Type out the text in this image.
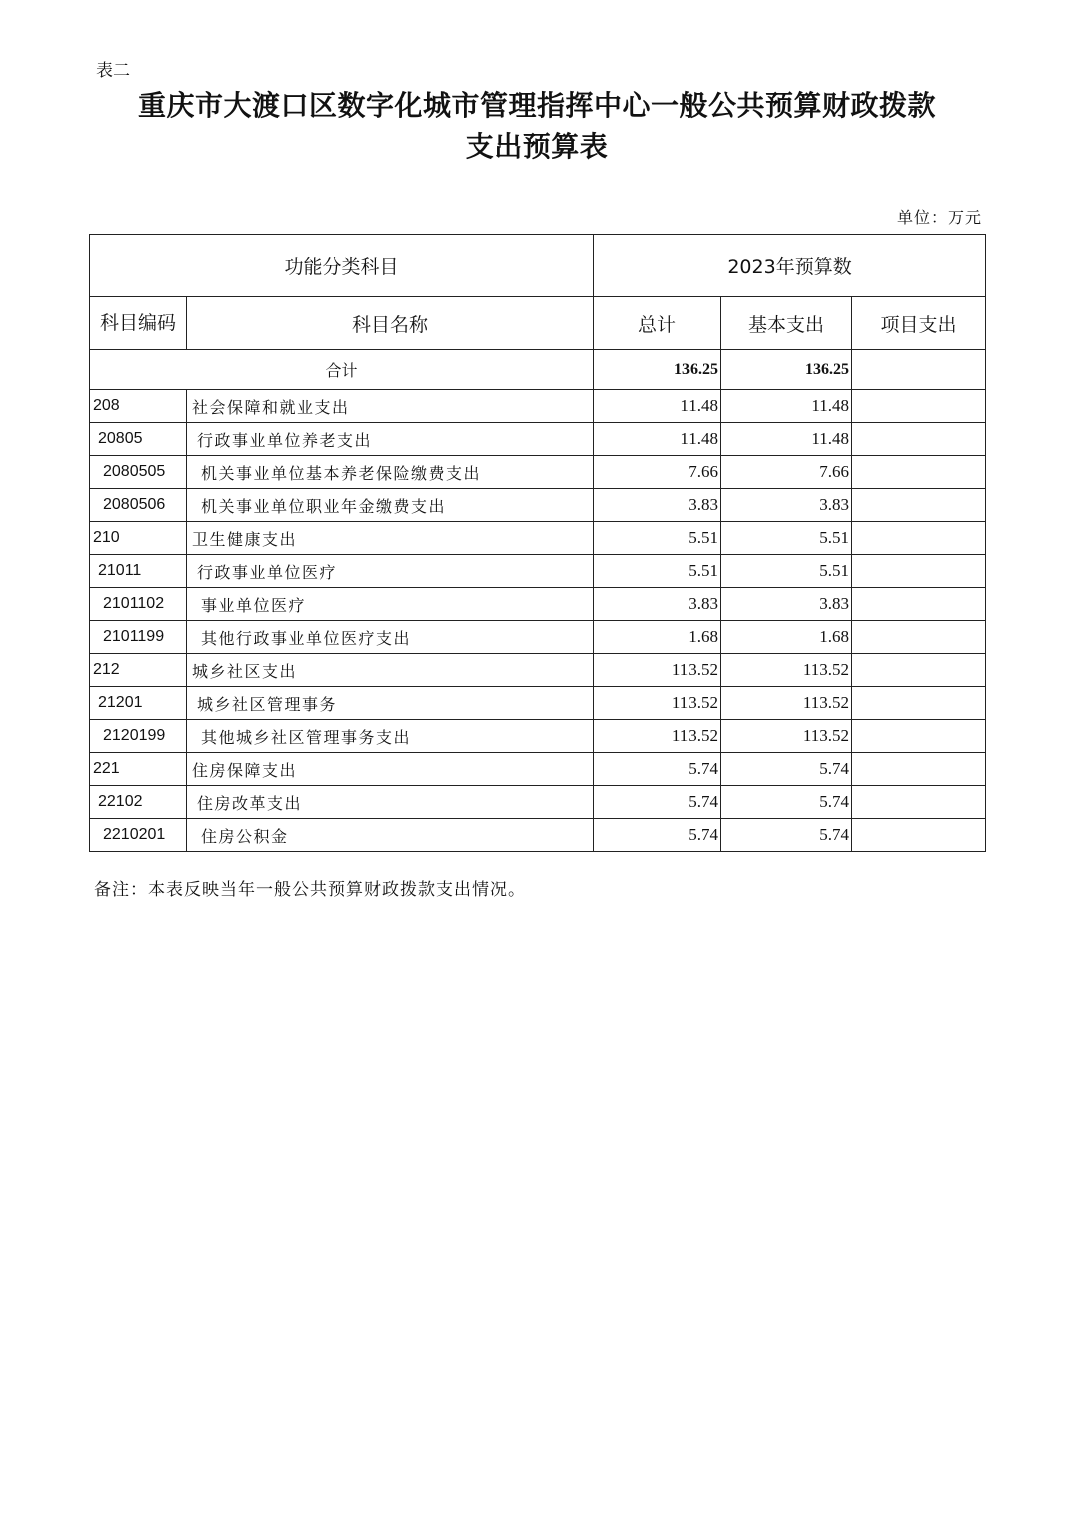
表二
重庆市大渡口区数字化城市管理指挥中心一般公共预算财政拨款
支出预算表
单位：万元
功能分类科目		2023年预算数		
科目编码	科目名称	总计	基本支出	项目支出
合计		136.25	136.25	
208	社会保障和就业支出	11.48	11.48	
20805	行政事业单位养老支出	11.48	11.48	
2080505	机关事业单位基本养老保险缴费支出	7.66	7.66	
2080506	机关事业单位职业年金缴费支出	3.83	3.83	
210	卫生健康支出	5.51	5.51	
21011	行政事业单位医疗	5.51	5.51	
2101102	事业单位医疗	3.83	3.83	
2101199	其他行政事业单位医疗支出	1.68	1.68	
212	城乡社区支出	113.52	113.52	
21201	城乡社区管理事务	113.52	113.52	
2120199	其他城乡社区管理事务支出	113.52	113.52	
221	住房保障支出	5.74	5.74	
22102	住房改革支出	5.74	5.74	
2210201	住房公积金	5.74	5.74	
备注：本表反映当年一般公共预算财政拨款支出情况。
